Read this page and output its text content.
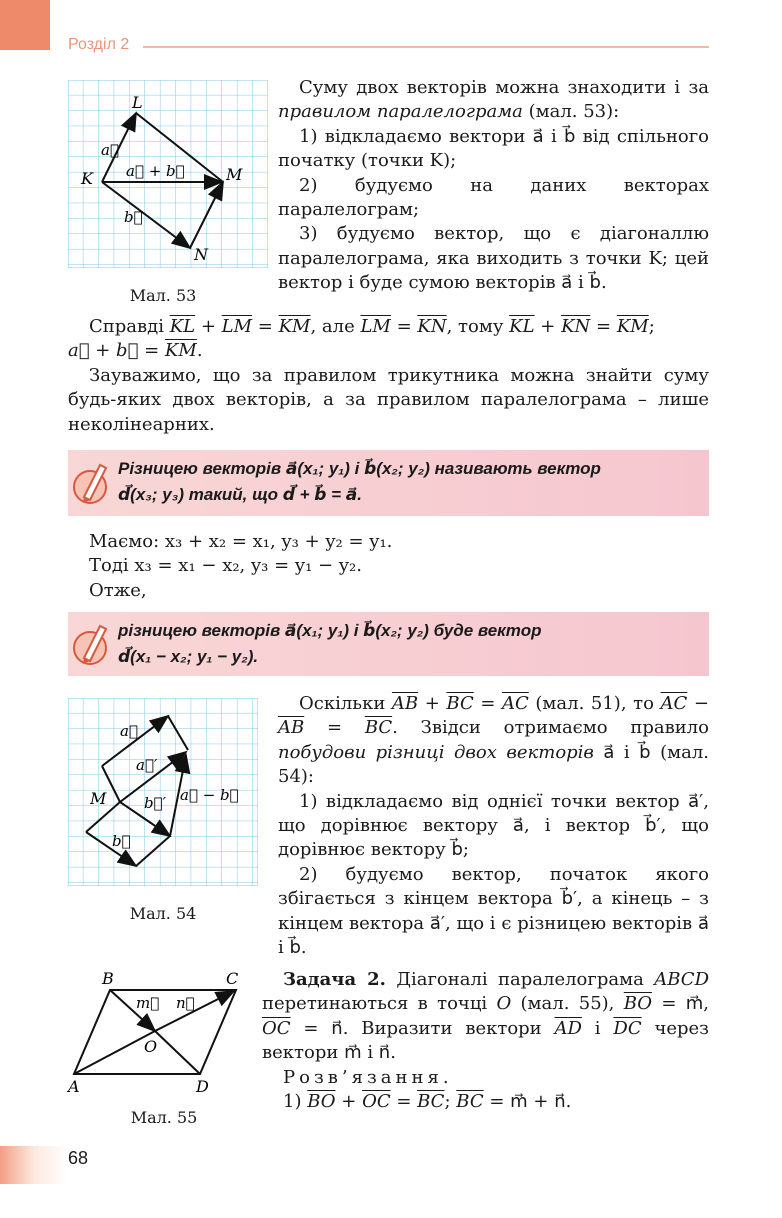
Розділ 2
L
K	M
N
a⃗
b⃗
a⃗ + b⃗
Мал. 53

Суму двох векторів можна знаходити і за правилом паралелограма (мал. 53):

1) відкладаємо вектори a⃗ і b⃗ від спільного початку (точки K);

2) будуємо на даних векторах паралелограм;

3) будуємо вектор, що є діагоналлю паралелограма, яка виходить з точки K; цей вектор і буде сумою векторів a⃗ і b⃗.

Справді $\overline{KL} + \overline{LM} = \overline{KM}$, але $\overline{LM} = \overline{KN}$, тому $\overline{KL} + \overline{KN} = \overline{KM}$;

a⃗ + b⃗ = $\overline{KM}$.

Зауважимо, що за правилом трикутника можна знайти суму будь-яких двох векторів, а за правилом паралелограма – лише неколінеарних.

Різницею векторів a⃗(x₁; y₁) і b⃗(x₂; y₂) називають вектор
d⃗(x₃; y₃) такий, що d⃗ + b⃗ = a⃗.

Маємо: x₃ + x₂ = x₁, y₃ + y₂ = y₁.

Тоді x₃ = x₁ − x₂, y₃ = y₁ − y₂.

Отже,

різницею векторів a⃗(x₁; y₁) і b⃗(x₂; y₂) буде вектор
d⃗(x₁ − x₂; y₁ − y₂).
M
a⃗
a⃗′
b⃗′
b⃗
a⃗ − b⃗
Мал. 54

Оскільки $\overline{AB} + \overline{BC} = \overline{AC}$ (мал. 51), то $\overline{AC} - \overline{AB} = \overline{BC}$. Звідси отримаємо правило побудови різниці двох векторів a⃗ і b⃗ (мал. 54):

1) відкладаємо від однієї точки вектор a⃗′, що дорівнює вектору a⃗, і вектор b⃗′, що дорівнює вектору b⃗;

2) будуємо вектор, початок якого збігається з кінцем вектора b⃗′, а кінець – з кінцем вектора a⃗′, що і є різницею векторів a⃗ і b⃗.

B	C
A	D
O
m⃗ n⃗
Мал. 55

Задача 2. Діагоналі паралелограма ABCD перетинаються в точці O (мал. 55), $\overline{BO}$ = m⃗, $\overline{OC}$ = n⃗. Виразити вектори $\overline{AD}$ і $\overline{DC}$ через вектори m⃗ і n⃗.

Розв’язання.

1) $\overline{BO} + \overline{OC} = \overline{BC}$; $\overline{BC}$ = m⃗ + n⃗.

68
